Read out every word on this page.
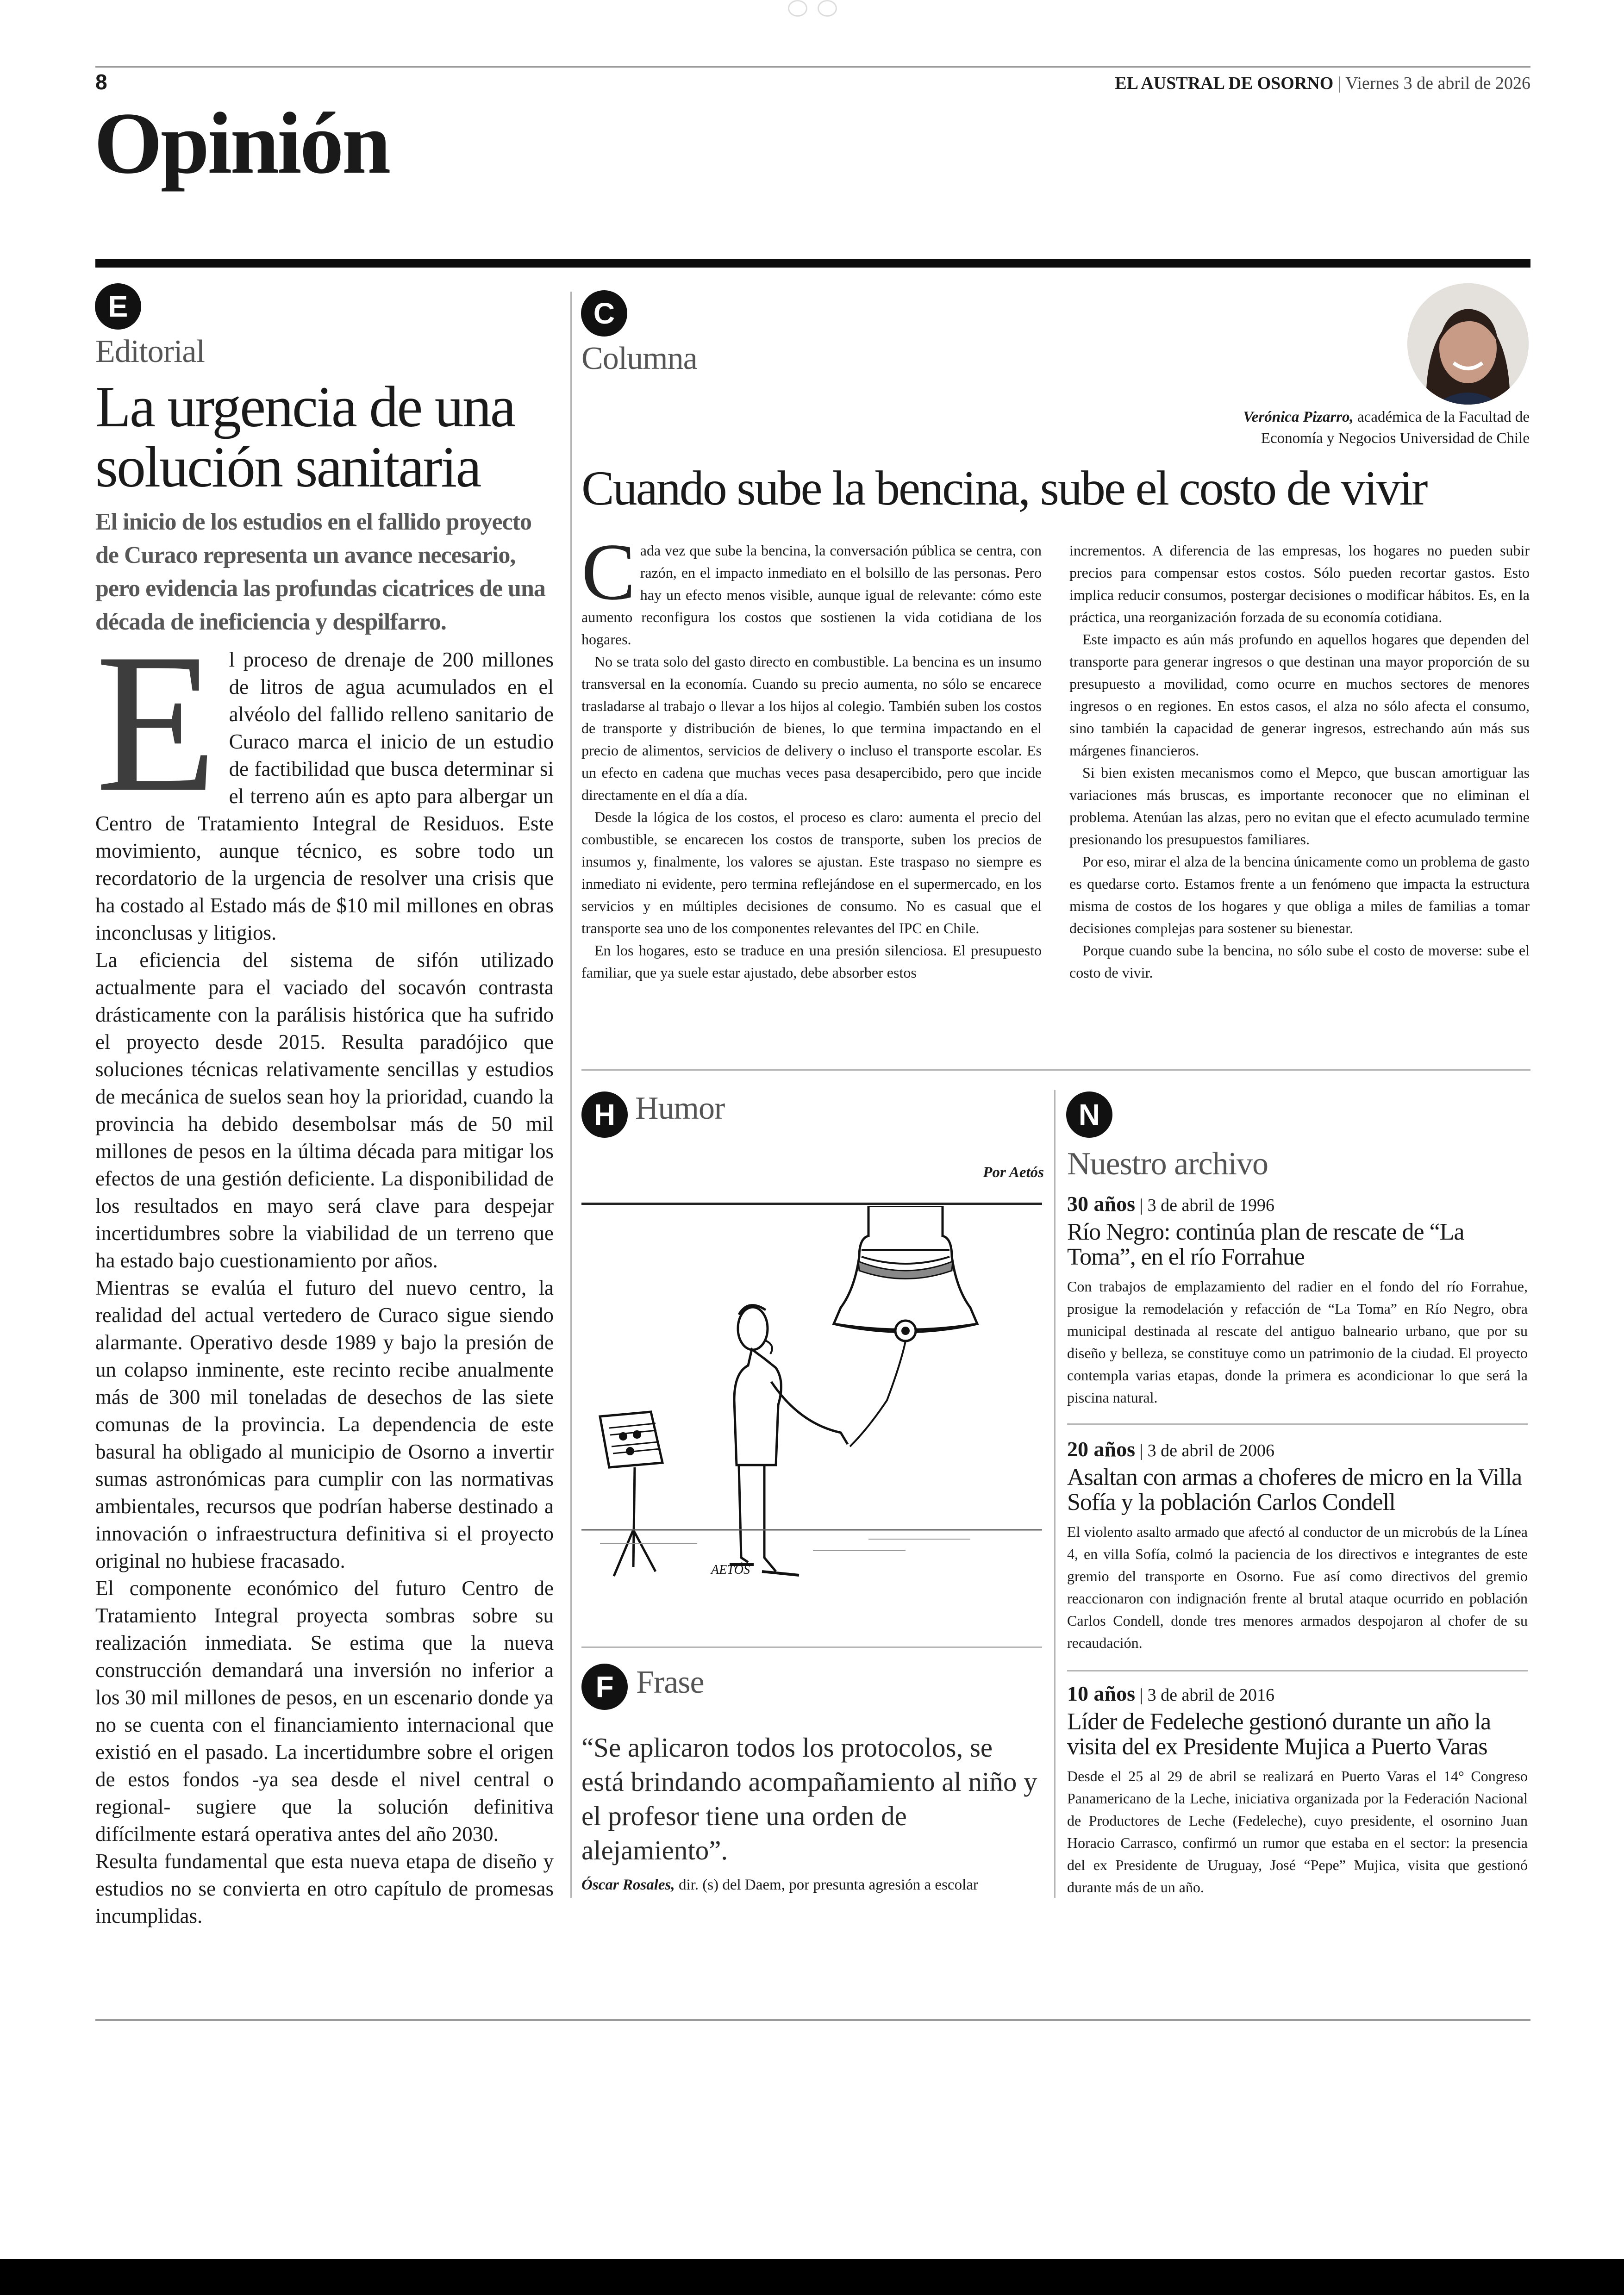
8	EL AUSTRAL DE OSORNO | Viernes 3 de abril de 2026
Opinión
E
Editorial
La urgencia de una solución sanitaria
El inicio de los estudios en el fallido proyecto de Curaco representa un avance necesario, pero evidencia las profundas cicatrices de una década de ineficiencia y despilfarro.
E l proceso de drenaje de 200 millones de litros de agua acumulados en el alvéolo del fallido relleno sanitario de Curaco marca el inicio de un estudio de factibilidad que busca determinar si el terreno aún es apto para albergar un Centro de Tratamiento Integral de Residuos. Este movimiento, aunque técnico, es sobre todo un recordatorio de la urgencia de resolver una crisis que ha costado al Estado más de $10 mil millones en obras inconclusas y litigios.

La eficiencia del sistema de sifón utilizado actualmente para el vaciado del socavón contrasta drásticamente con la parálisis histórica que ha sufrido el proyecto desde 2015. Resulta paradójico que soluciones técnicas relativamente sencillas y estudios de mecánica de suelos sean hoy la prioridad, cuando la provincia ha debido desembolsar más de 50 mil millones de pesos en la última década para mitigar los efectos de una gestión deficiente. La disponibilidad de los resultados en mayo será clave para despejar incertidumbres sobre la viabilidad de un terreno que ha estado bajo cuestionamiento por años.

Mientras se evalúa el futuro del nuevo centro, la realidad del actual vertedero de Curaco sigue siendo alarmante. Operativo desde 1989 y bajo la presión de un colapso inminente, este recinto recibe anualmente más de 300 mil toneladas de desechos de las siete comunas de la provincia. La dependencia de este basural ha obligado al municipio de Osorno a invertir sumas astronómicas para cumplir con las normativas ambientales, recursos que podrían haberse destinado a innovación o infraestructura definitiva si el proyecto original no hubiese fracasado.

El componente económico del futuro Centro de Tratamiento Integral proyecta sombras sobre su realización inmediata. Se estima que la nueva construcción demandará una inversión no inferior a los 30 mil millones de pesos, en un escenario donde ya no se cuenta con el financiamiento internacional que existió en el pasado. La incertidumbre sobre el origen de estos fondos -ya sea desde el nivel central o regional- sugiere que la solución definitiva difícilmente estará operativa antes del año 2030.

Resulta fundamental que esta nueva etapa de diseño y estudios no se convierta en otro capítulo de promesas incumplidas.

C
Columna
Verónica Pizarro, académica de la Facultad de Economía y Negocios Universidad de Chile
Cuando sube la bencina, sube el costo de vivir
C ada vez que sube la bencina, la conversación pública se centra, con razón, en el impacto inmediato en el bolsillo de las personas. Pero hay un efecto menos visible, aunque igual de relevante: cómo este aumento reconfigura los costos que sostienen la vida cotidiana de los hogares.

No se trata solo del gasto directo en combustible. La bencina es un insumo transversal en la economía. Cuando su precio aumenta, no sólo se encarece trasladarse al trabajo o llevar a los hijos al colegio. También suben los costos de transporte y distribución de bienes, lo que termina impactando en el precio de alimentos, servicios de delivery o incluso el transporte escolar. Es un efecto en cadena que muchas veces pasa desapercibido, pero que incide directamente en el día a día.

Desde la lógica de los costos, el proceso es claro: aumenta el precio del combustible, se encarecen los costos de transporte, suben los precios de insumos y, finalmente, los valores se ajustan. Este traspaso no siempre es inmediato ni evidente, pero termina reflejándose en el supermercado, en los servicios y en múltiples decisiones de consumo. No es casual que el transporte sea uno de los componentes relevantes del IPC en Chile.

En los hogares, esto se traduce en una presión silenciosa. El presupuesto familiar, que ya suele estar ajustado, debe absorber estos

incrementos. A diferencia de las empresas, los hogares no pueden subir precios para compensar estos costos. Sólo pueden recortar gastos. Esto implica reducir consumos, postergar decisiones o modificar hábitos. Es, en la práctica, una reorganización forzada de su economía cotidiana.

Este impacto es aún más profundo en aquellos hogares que dependen del transporte para generar ingresos o que destinan una mayor proporción de su presupuesto a movilidad, como ocurre en muchos sectores de menores ingresos o en regiones. En estos casos, el alza no sólo afecta el consumo, sino también la capacidad de generar ingresos, estrechando aún más sus márgenes financieros.

Si bien existen mecanismos como el Mepco, que buscan amortiguar las variaciones más bruscas, es importante reconocer que no eliminan el problema. Atenúan las alzas, pero no evitan que el efecto acumulado termine presionando los presupuestos familiares.

Por eso, mirar el alza de la bencina únicamente como un problema de gasto es quedarse corto. Estamos frente a un fenómeno que impacta la estructura misma de costos de los hogares y que obliga a miles de familias a tomar decisiones complejas para sostener su bienestar.

Porque cuando sube la bencina, no sólo sube el costo de moverse: sube el costo de vivir.

H Humor
Por Aetós
AETÓS
F Frase
“Se aplicaron todos los protocolos, se está brindando acompañamiento al niño y el profesor tiene una orden de alejamiento”.
Óscar Rosales, dir. (s) del Daem, por presunta agresión a escolar
N
Nuestro archivo

30 años | 3 de abril de 1996

Río Negro: continúa plan de rescate de “La Toma”, en el río Forrahue

Con trabajos de emplazamiento del radier en el fondo del río Forrahue, prosigue la remodelación y refacción de “La Toma” en Río Negro, obra municipal destinada al rescate del antiguo balneario urbano, que por su diseño y belleza, se constituye como un patrimonio de la ciudad. El proyecto contempla varias etapas, donde la primera es acondicionar lo que será la piscina natural.

20 años | 3 de abril de 2006

Asaltan con armas a choferes de micro en la Villa Sofía y la población Carlos Condell

El violento asalto armado que afectó al conductor de un microbús de la Línea 4, en villa Sofía, colmó la paciencia de los directivos e integrantes de este gremio del transporte en Osorno. Fue así como directivos del gremio reaccionaron con indignación frente al brutal ataque ocurrido en población Carlos Condell, donde tres menores armados despojaron al chofer de su recaudación.

10 años | 3 de abril de 2016

Líder de Fedeleche gestionó durante un año la visita del ex Presidente Mujica a Puerto Varas

Desde el 25 al 29 de abril se realizará en Puerto Varas el 14° Congreso Panamericano de la Leche, iniciativa organizada por la Federación Nacional de Productores de Leche (Fedeleche), cuyo presidente, el osornino Juan Horacio Carrasco, confirmó un rumor que estaba en el sector: la presencia del ex Presidente de Uruguay, José “Pepe” Mujica, visita que gestionó durante más de un año.
